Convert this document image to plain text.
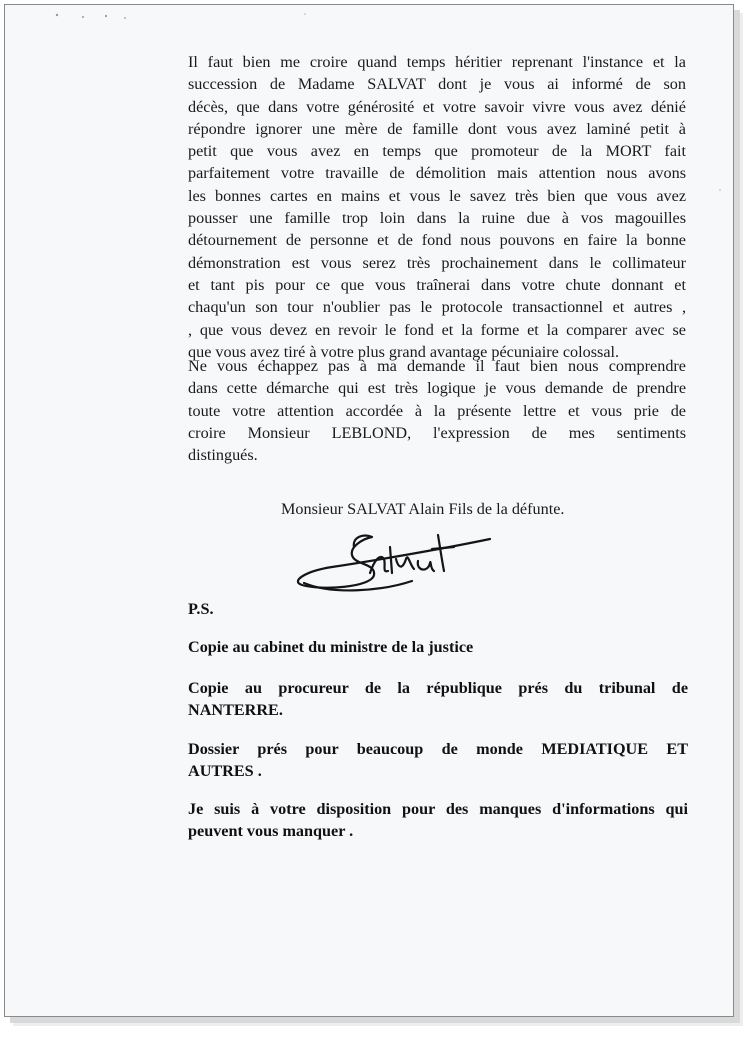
Il faut bien me croire quand temps héritier reprenant l'instance et la
succession de Madame SALVAT dont je vous ai informé de son
décès, que dans votre générosité et votre savoir vivre vous avez dénié
répondre ignorer une mère de famille dont vous avez laminé petit à
petit que vous avez en temps que promoteur de la MORT fait
parfaitement votre travaille de démolition mais attention nous avons
les bonnes cartes en mains et vous le savez très bien que vous avez
pousser une famille trop loin dans la ruine due à vos magouilles
détournement de personne et de fond nous pouvons en faire la bonne
démonstration est vous serez très prochainement dans le collimateur
et tant pis pour ce que vous traînerai dans votre chute donnant et
chaqu'un son tour n'oublier pas le protocole transactionnel et autres ,
, que vous devez en revoir le fond et la forme et la comparer avec se
que vous avez tiré à votre plus grand avantage pécuniaire colossal.
Ne vous échappez pas à ma demande il faut bien nous comprendre
dans cette démarche qui est très logique je vous demande de prendre
toute votre attention accordée à la présente lettre et vous prie de
croire Monsieur LEBLOND, l'expression de mes sentiments
distingués.
Monsieur SALVAT Alain Fils de la défunte.
P.S.
Copie au cabinet du ministre de la justice
Copie au procureur de la république prés du tribunal de
NANTERRE.
Dossier prés pour beaucoup de monde MEDIATIQUE ET
AUTRES .
Je suis à votre disposition pour des manques d'informations qui
peuvent vous manquer .
